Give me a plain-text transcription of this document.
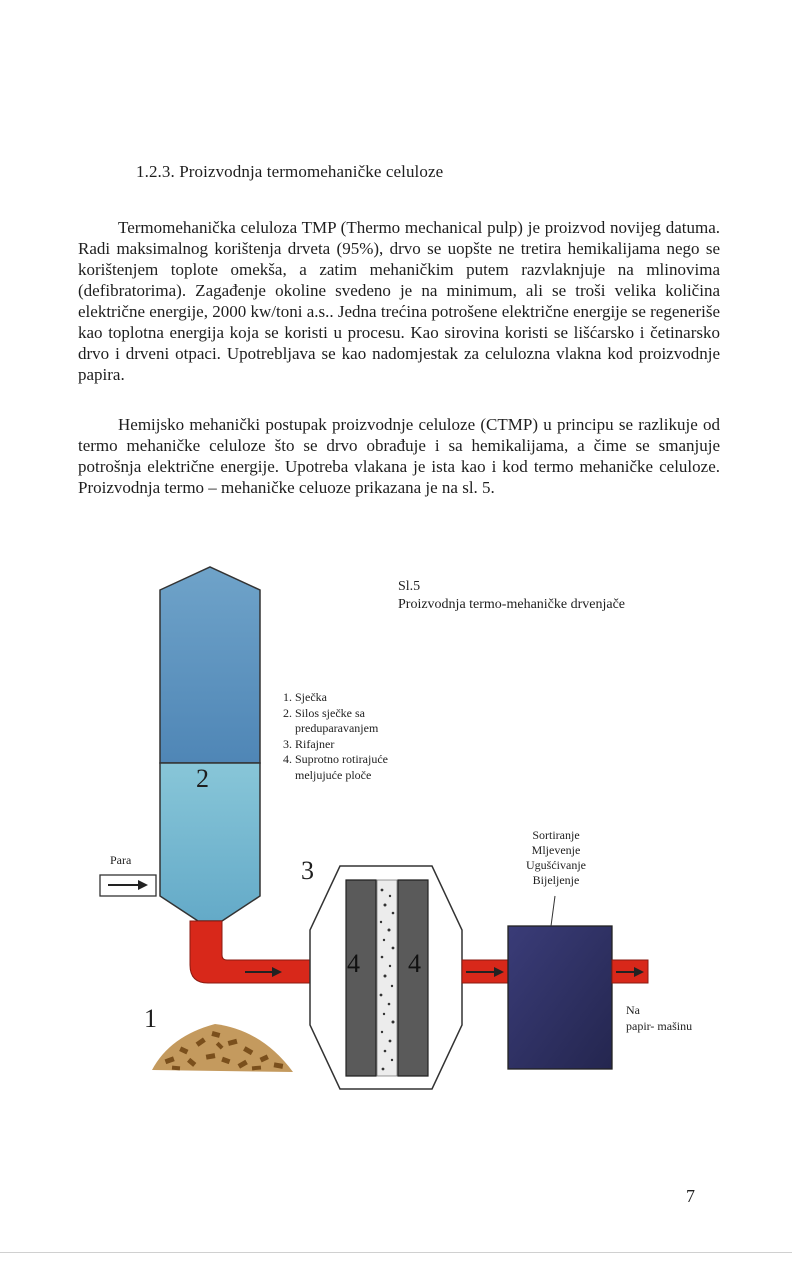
1.2.3. Proizvodnja termomehaničke celuloze

Termomehanička celuloza TMP (Thermo mechanical pulp) je proizvod novijeg datuma. Radi maksimalnog korištenja drveta (95%), drvo se uopšte ne tretira hemikalijama nego se korištenjem toplote omekša, a zatim mehaničkim putem razvlaknjuje na mlinovima (defibratorima). Zagađenje okoline svedeno je na minimum, ali se troši velika količina električne energije, 2000 kw/toni a.s.. Jedna trećina potrošene električne energije se regeneriše kao toplotna energija koja se koristi u procesu. Kao sirovina koristi se lišćarsko i četinarsko drvo i drveni otpaci. Upotrebljava se kao nadomjestak za celulozna vlakna kod proizvodnje papira.

Hemijsko mehanički postupak proizvodnje celuloze (CTMP) u principu se razlikuje od termo mehaničke celuloze što se drvo obrađuje i sa hemikalijama, a čime se smanjuje potrošnja električne energije. Upotreba vlakana je ista kao i kod termo mehaničke celuloze. Proizvodnja termo – mehaničke celuoze prikazana je na sl. 5.

Sl.5
Proizvodnja termo-mehaničke drvenjače
1. Sječka
2. Silos sječke sa preduparavanjem
3. Rifajner
4. Suprotno rotirajuće meljujuće ploče
1
2
3
4 4
Para
Sortiranje
Mljevenje
Ugušćivanje
Bijeljenje
Na
papir- mašinu
7
